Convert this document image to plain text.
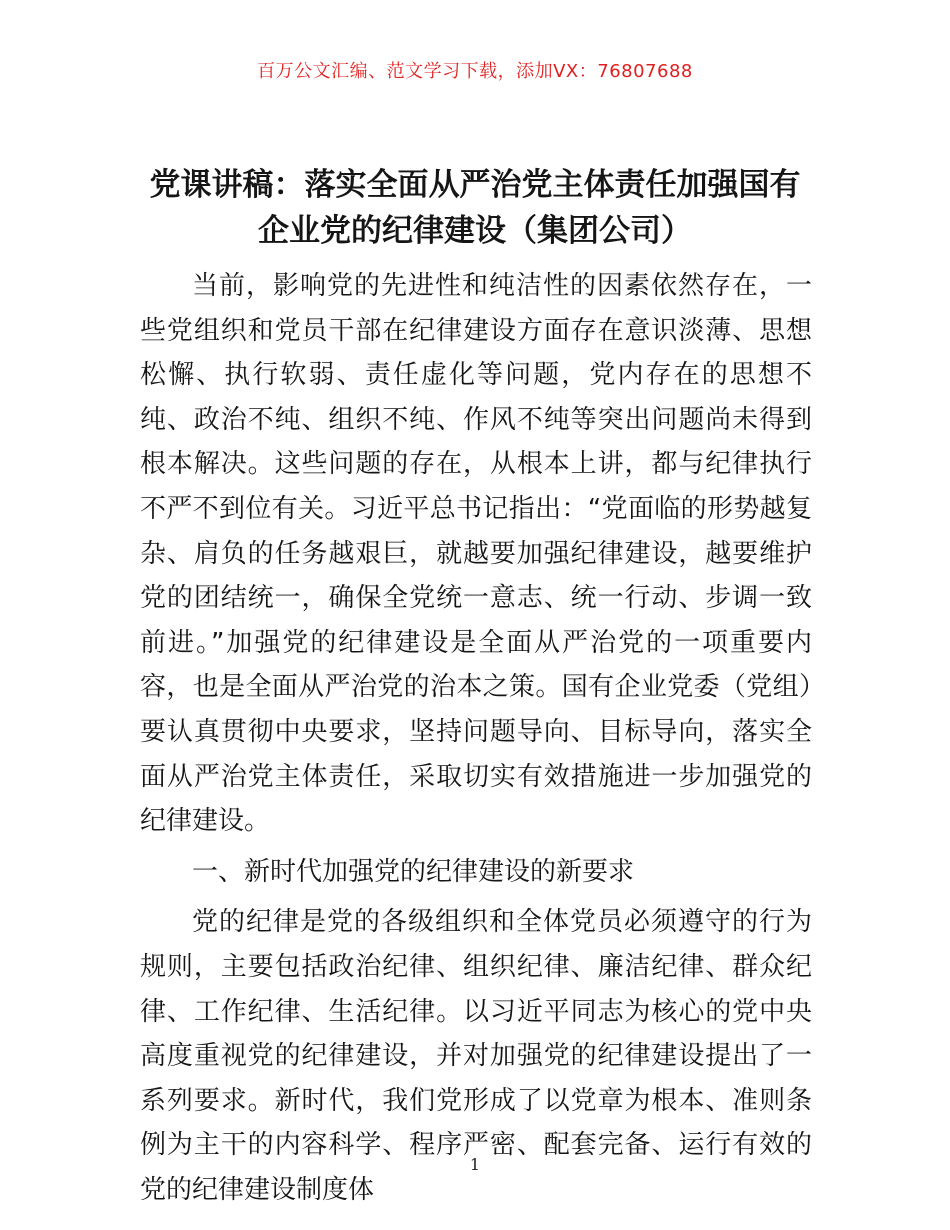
百万公文汇编、范文学习下载，添加VX：76807688
党课讲稿：落实全面从严治党主体责任加强国有企业党的纪律建设（集团公司）

当前，影响党的先进性和纯洁性的因素依然存在，一些党组织和党员干部在纪律建设方面存在意识淡薄、思想松懈、执行软弱、责任虚化等问题，党内存在的思想不纯、政治不纯、组织不纯、作风不纯等突出问题尚未得到根本解决。这些问题的存在，从根本上讲，都与纪律执行不严不到位有关。习近平总书记指出：“党面临的形势越复杂、肩负的任务越艰巨，就越要加强纪律建设，越要维护党的团结统一，确保全党统一意志、统一行动、步调一致前进。”加强党的纪律建设是全面从严治党的一项重要内容，也是全面从严治党的治本之策。国有企业党委（党组）要认真贯彻中央要求，坚持问题导向、目标导向，落实全面从严治党主体责任，采取切实有效措施进一步加强党的纪律建设。

一、新时代加强党的纪律建设的新要求

党的纪律是党的各级组织和全体党员必须遵守的行为规则，主要包括政治纪律、组织纪律、廉洁纪律、群众纪律、工作纪律、生活纪律。以习近平同志为核心的党中央高度重视党的纪律建设，并对加强党的纪律建设提出了一系列要求。新时代，我们党形成了以党章为根本、准则条例为主干的内容科学、程序严密、配套完备、运行有效的党的纪律建设制度体

1
